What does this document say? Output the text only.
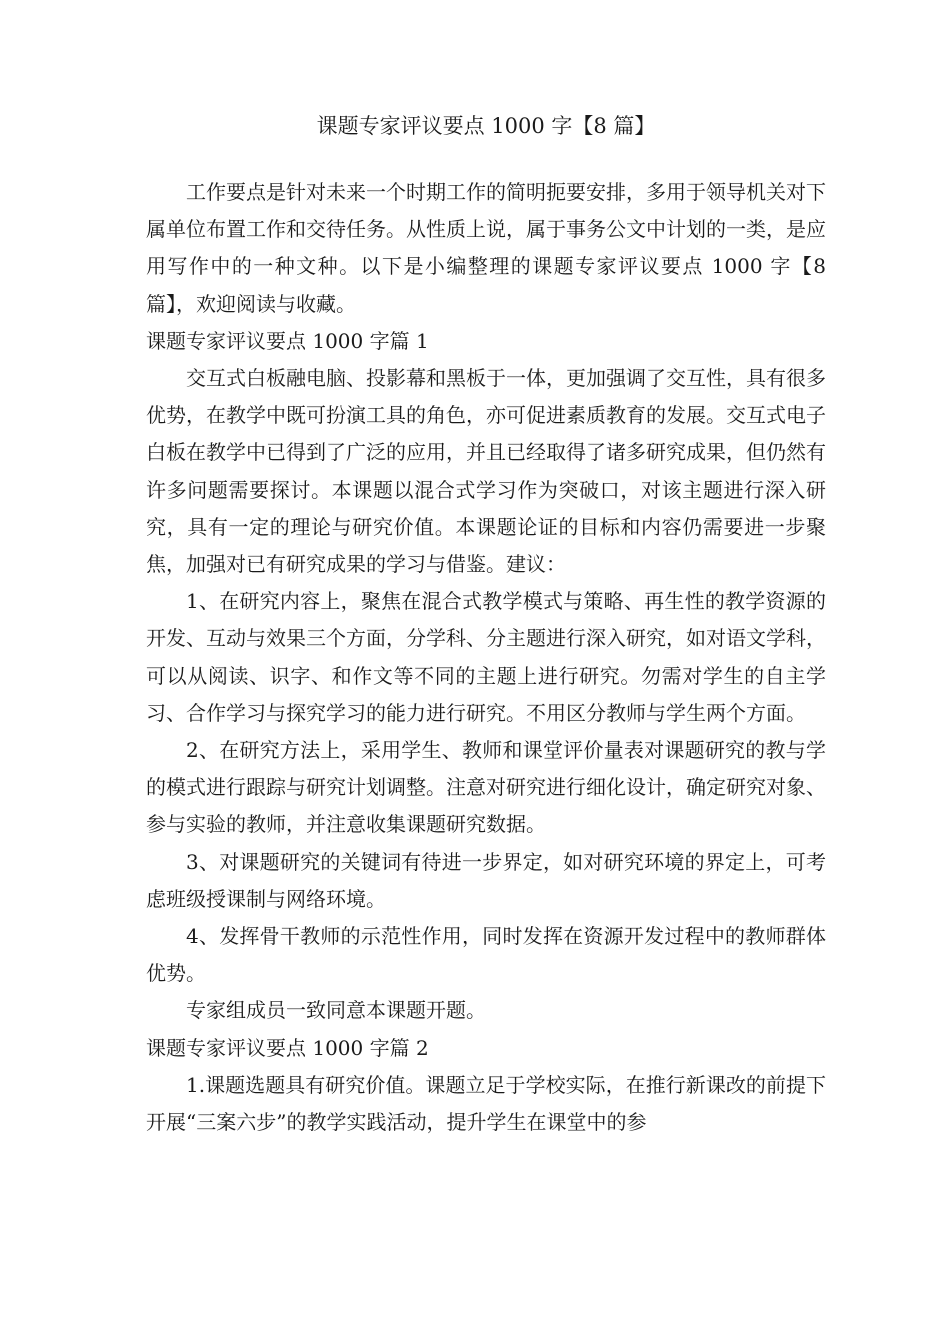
课题专家评议要点 1000 字【8 篇】

工作要点是针对未来一个时期工作的简明扼要安排，多用于领导机关对下属单位布置工作和交待任务。从性质上说，属于事务公文中计划的一类，是应用写作中的一种文种。以下是小编整理的课题专家评议要点 1000 字【8 篇】，欢迎阅读与收藏。

课题专家评议要点 1000 字篇 1

交互式白板融电脑、投影幕和黑板于一体，更加强调了交互性，具有很多优势，在教学中既可扮演工具的角色，亦可促进素质教育的发展。交互式电子白板在教学中已得到了广泛的应用，并且已经取得了诸多研究成果，但仍然有许多问题需要探讨。本课题以混合式学习作为突破口，对该主题进行深入研究，具有一定的理论与研究价值。本课题论证的目标和内容仍需要进一步聚焦，加强对已有研究成果的学习与借鉴。建议：

1、在研究内容上，聚焦在混合式教学模式与策略、再生性的教学资源的开发、互动与效果三个方面，分学科、分主题进行深入研究，如对语文学科，可以从阅读、识字、和作文等不同的主题上进行研究。勿需对学生的自主学习、合作学习与探究学习的能力进行研究。不用区分教师与学生两个方面。

2、在研究方法上，采用学生、教师和课堂评价量表对课题研究的教与学的模式进行跟踪与研究计划调整。注意对研究进行细化设计，确定研究对象、参与实验的教师，并注意收集课题研究数据。

3、对课题研究的关键词有待进一步界定，如对研究环境的界定上，可考虑班级授课制与网络环境。

4、发挥骨干教师的示范性作用，同时发挥在资源开发过程中的教师群体优势。

专家组成员一致同意本课题开题。

课题专家评议要点 1000 字篇 2

1.课题选题具有研究价值。课题立足于学校实际，在推行新课改的前提下开展“三案六步”的教学实践活动，提升学生在课堂中的参
